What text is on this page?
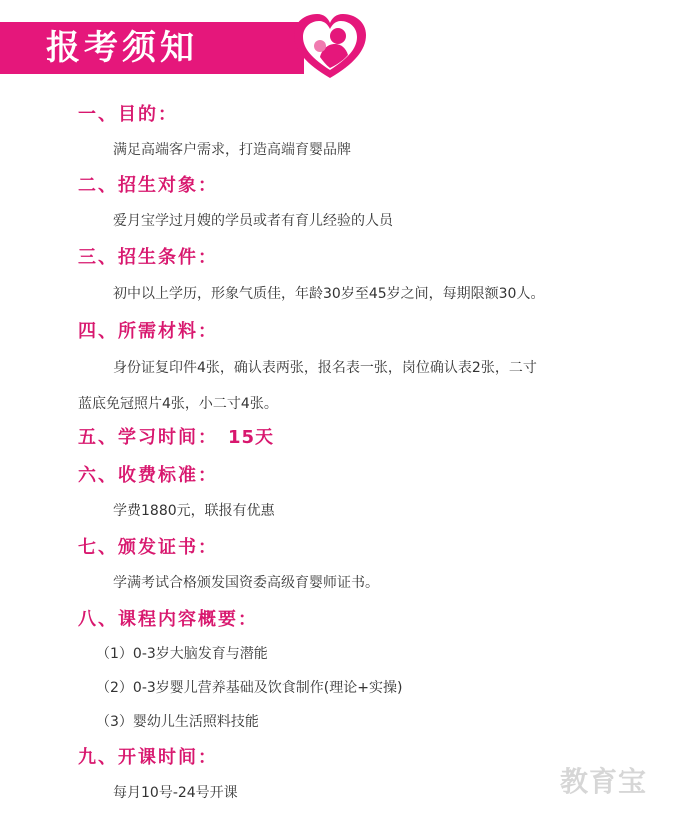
报考须知
一、目的：
满足高端客户需求，打造高端育婴品牌
二、招生对象：
爱月宝学过月嫂的学员或者有育儿经验的人员
三、招生条件：
初中以上学历，形象气质佳，年龄30岁至45岁之间，每期限额30人。
四、所需材料：
身份证复印件4张，确认表两张，报名表一张，岗位确认表2张，二寸
蓝底免冠照片4张，小二寸4张。
五、学习时间： 15天
六、收费标准：
学费1880元，联报有优惠
七、颁发证书：
学满考试合格颁发国资委高级育婴师证书。
八、课程内容概要：
（1）0-3岁大脑发育与潜能
（2）0-3岁婴儿营养基础及饮食制作(理论+实操)
（3）婴幼儿生活照料技能
九、开课时间：
每月10号-24号开课	教育宝
